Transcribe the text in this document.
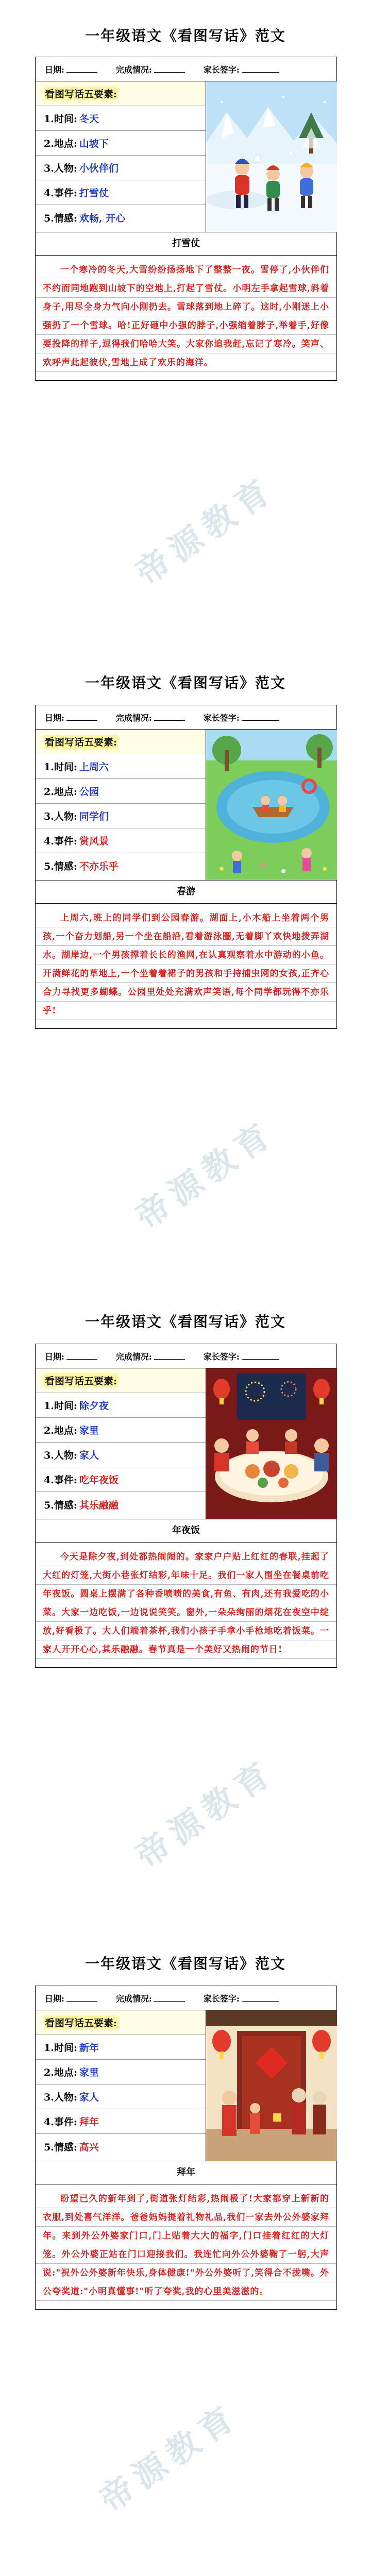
一年级语文《看图写话》范文
日期:	完成情况:	家长签字:
看图写话五要素:
1.时间: 冬天
2.地点: 山坡下
3.人物: 小伙伴们
4.事件: 打雪仗
5.情感: 欢畅, 开心
打雪仗
一个寒冷的冬天,大雪纷纷扬扬地下了整整一夜。雪停了,小伙伴们不约而同地跑到山坡下的空地上,打起了雪仗。小明左手拿起雪球,斜着身子,用尽全身力气向小刚扔去。雪球落到地上碎了。这时,小刚迷上小强扔了一个雪球。哈!正好砸中小强的脖子,小强缩着脖子,举着手,好像要投降的样子,逗得我们哈哈大笑。大家你追我赶,忘记了寒冷。笑声、欢呼声此起彼伏,雪地上成了欢乐的海洋。
一年级语文《看图写话》范文
日期:	完成情况:	家长签字:
看图写话五要素:
1.时间: 上周六
2.地点: 公园
3.人物: 同学们
4.事件: 赏风景
5.情感: 不亦乐乎
春游
上周六,班上的同学们到公园春游。湖面上,小木船上坐着两个男孩,一个奋力划船,另一个坐在船沿,看着游泳圈,无着脚丫欢快地拨弄湖水。湖岸边,一个男孩撑着长长的渔网,在认真观察着水中游动的小鱼。开满鲜花的草地上,一个坐着着裙子的男孩和手持捕虫网的女孩,正齐心合力寻找更多蝴蝶。公园里处处充满欢声笑语,每个同学都玩得不亦乐乎!
一年级语文《看图写话》范文
日期:	完成情况:	家长签字:
看图写话五要素:
1.时间: 除夕夜
2.地点: 家里
3.人物: 家人
4.事件: 吃年夜饭
5.情感: 其乐融融
年夜饭
今天是除夕夜,到处都热闹闹的。家家户户贴上红红的春联,挂起了大红的灯笼,大街小巷张灯结彩,年味十足。我们一家人围坐在餐桌前吃年夜饭。圆桌上摆满了各种香喷喷的美食,有鱼、有肉,还有我爱吃的小菜。大家一边吃饭,一边说说笑笑。窗外,一朵朵绚丽的烟花在夜空中绽放,好看极了。大人们端着茶杯,我们小孩子手拿小手枪地吃着饭菜。一家人开开心心,其乐融融。春节真是一个美好又热闹的节日!
一年级语文《看图写话》范文
日期:	完成情况:	家长签字:
看图写话五要素:
1.时间: 新年
2.地点: 家里
3.人物: 家人
4.事件: 拜年
5.情感: 高兴
拜年
盼望已久的新年到了,街道张灯结彩,热闹极了!大家都穿上新新的衣服,到处喜气洋洋。爸爸妈妈提着礼物礼品,我们一家去外公外婆家拜年。来到外公外婆家门口,门上贴着大大的福字,门口挂着红红的大灯笼。外公外婆正站在门口迎接我们。我连忙向外公外婆鞠了一躬,大声说:"祝外公外婆新年快乐,身体健康!"外公外婆听了,笑得合不拢嘴。外公夸奖道:"小明真懂事!"听了夸奖,我的心里美滋滋的。
帝源教育
帝源教育
帝源教育
帝源教育
